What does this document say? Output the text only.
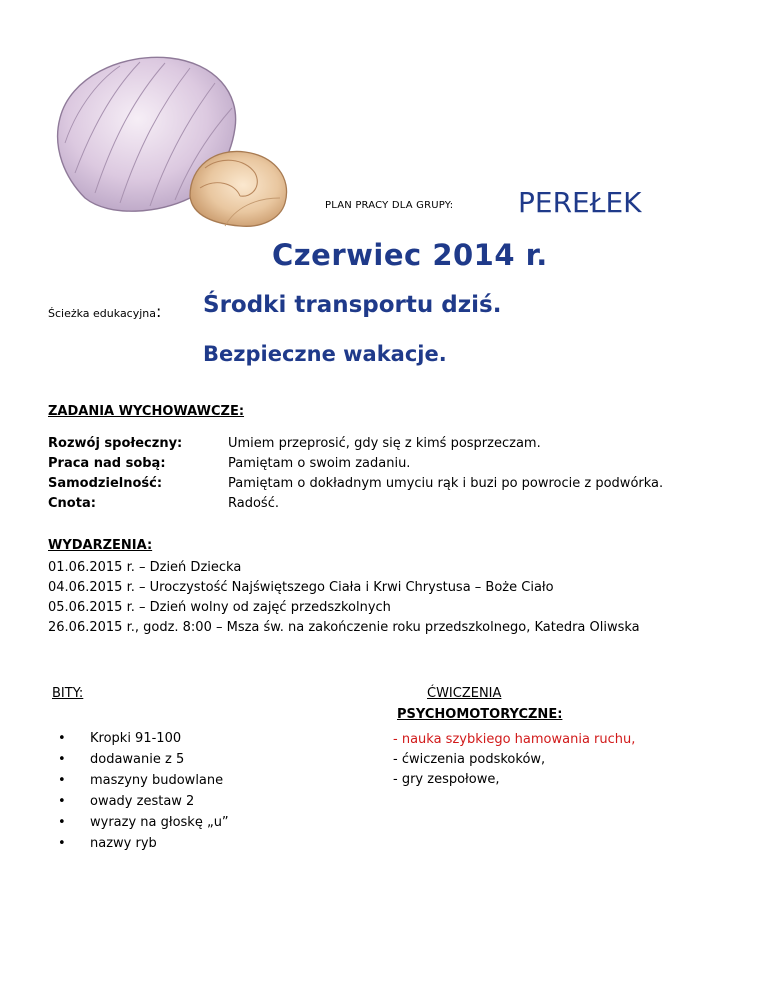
PLAN PRACY DLA GRUPY: PEREŁEK
Czerwiec 2014 r.
Ścieżka edukacyjna: Środki transportu dziś.
Bezpieczne wakacje.
ZADANIA WYCHOWAWCZE:
Rozwój społeczny:	Umiem przeprosić, gdy się z kimś posprzeczam.
Praca nad sobą:	Pamiętam o swoim zadaniu.
Samodzielność:	Pamiętam o dokładnym umyciu rąk i buzi po powrocie z podwórka.
Cnota:	Radość.
WYDARZENIA:
01.06.2015 r. – Dzień Dziecka
04.06.2015 r. – Uroczystość Najświętszego Ciała i Krwi Chrystusa – Boże Ciało
05.06.2015 r. – Dzień wolny od zajęć przedszkolnych
26.06.2015 r., godz. 8:00 – Msza św. na zakończenie roku przedszkolnego, Katedra Oliwska
BITY:
•	Kropki 91-100
•	dodawanie z 5
•	maszyny budowlane
•	owady zestaw 2
•	wyrazy na głoskę „u”
•	nazwy ryb
ĆWICZENIA
PSYCHOMOTORYCZNE:
- nauka szybkiego hamowania ruchu,
- ćwiczenia podskoków,
- gry zespołowe,
